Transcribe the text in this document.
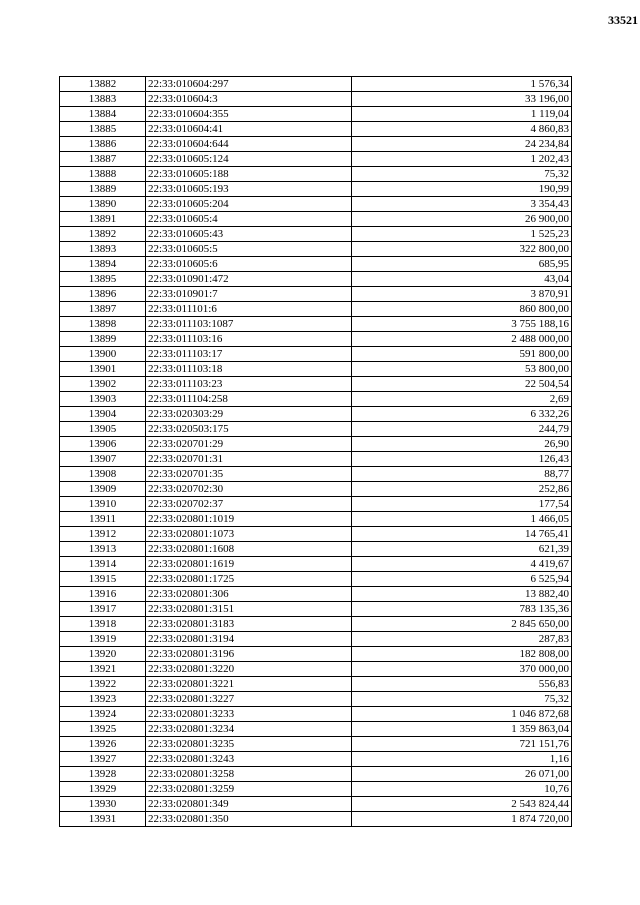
33521
13882	22:33:010604:297	1 576,34
13883	22:33:010604:3	33 196,00
13884	22:33:010604:355	1 119,04
13885	22:33:010604:41	4 860,83
13886	22:33:010604:644	24 234,84
13887	22:33:010605:124	1 202,43
13888	22:33:010605:188	75,32
13889	22:33:010605:193	190,99
13890	22:33:010605:204	3 354,43
13891	22:33:010605:4	26 900,00
13892	22:33:010605:43	1 525,23
13893	22:33:010605:5	322 800,00
13894	22:33:010605:6	685,95
13895	22:33:010901:472	43,04
13896	22:33:010901:7	3 870,91
13897	22:33:011101:6	860 800,00
13898	22:33:011103:1087	3 755 188,16
13899	22:33:011103:16	2 488 000,00
13900	22:33:011103:17	591 800,00
13901	22:33:011103:18	53 800,00
13902	22:33:011103:23	22 504,54
13903	22:33:011104:258	2,69
13904	22:33:020303:29	6 332,26
13905	22:33:020503:175	244,79
13906	22:33:020701:29	26,90
13907	22:33:020701:31	126,43
13908	22:33:020701:35	88,77
13909	22:33:020702:30	252,86
13910	22:33:020702:37	177,54
13911	22:33:020801:1019	1 466,05
13912	22:33:020801:1073	14 765,41
13913	22:33:020801:1608	621,39
13914	22:33:020801:1619	4 419,67
13915	22:33:020801:1725	6 525,94
13916	22:33:020801:306	13 882,40
13917	22:33:020801:3151	783 135,36
13918	22:33:020801:3183	2 845 650,00
13919	22:33:020801:3194	287,83
13920	22:33:020801:3196	182 808,00
13921	22:33:020801:3220	370 000,00
13922	22:33:020801:3221	556,83
13923	22:33:020801:3227	75,32
13924	22:33:020801:3233	1 046 872,68
13925	22:33:020801:3234	1 359 863,04
13926	22:33:020801:3235	721 151,76
13927	22:33:020801:3243	1,16
13928	22:33:020801:3258	26 071,00
13929	22:33:020801:3259	10,76
13930	22:33:020801:349	2 543 824,44
13931	22:33:020801:350	1 874 720,00
